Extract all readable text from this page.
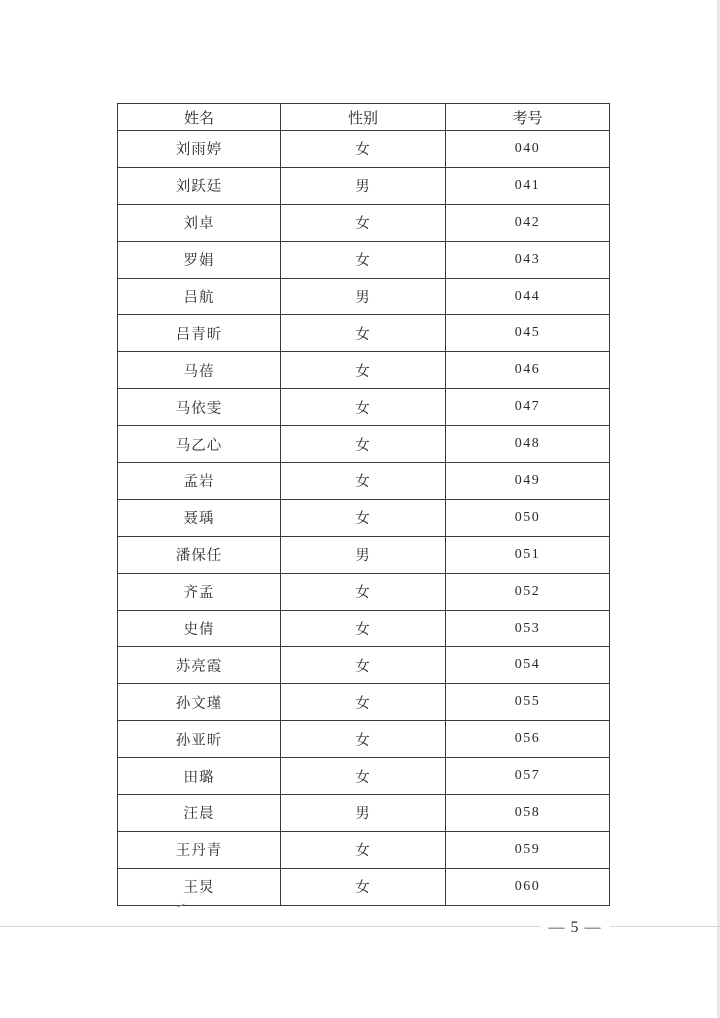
姓名	性别	考号
刘雨婷	女	040
刘跃廷	男	041
刘卓	女	042
罗娟	女	043
吕航	男	044
吕青昕	女	045
马蓓	女	046
马依雯	女	047
马乙心	女	048
孟岩	女	049
聂瑀	女	050
潘保任	男	051
齐孟	女	052
史倩	女	053
苏亮霞	女	054
孙文瑾	女	055
孙亚昕	女	056
田璐	女	057
汪晨	男	058
王丹青	女	059
王炅	女	060
— 5 —
